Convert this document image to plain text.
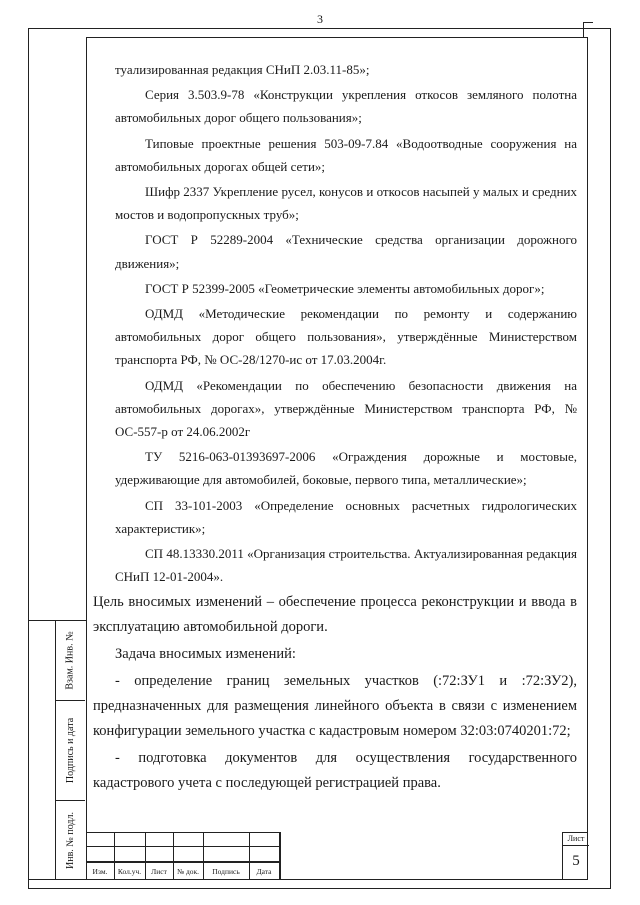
3
Взам. Инв. №
Подпись и дата
Инв. № подл.

туализированная редакция СНиП 2.03.11-85»;

Серия 3.503.9-78 «Конструкции укрепления откосов земляного полотна автомобильных дорог общего пользования»;

Типовые проектные решения 503-09-7.84 «Водоотводные сооружения на автомобильных дорогах общей сети»;

Шифр 2337 Укрепление русел, конусов и откосов насыпей у малых и средних мостов и водопропускных труб»;

ГОСТ Р 52289-2004 «Технические средства организации дорожного движения»;

ГОСТ Р 52399-2005 «Геометрические элементы автомобильных дорог»;

ОДМД «Методические рекомендации по ремонту и содержанию автомобильных дорог общего пользования», утверждённые Министерством транспорта РФ, № ОС-28/1270-ис от 17.03.2004г.

ОДМД «Рекомендации по обеспечению безопасности движения на автомобильных дорогах», утверждённые Министерством транспорта РФ, № ОС-557-р от 24.06.2002г

ТУ 5216-063-01393697-2006 «Ограждения дорожные и мостовые, удерживающие для автомобилей, боковые, первого типа, металлические»;

СП 33-101-2003 «Определение основных расчетных гидрологических характеристик»;

СП 48.13330.2011 «Организация строительства. Актуализированная редакция СНиП 12-01-2004».

Цель вносимых изменений – обеспечение процесса реконструкции и ввода в эксплуатацию автомобильной дороги.

Задача вносимых изменений:

- определение границ земельных участков (:72:ЗУ1 и :72:ЗУ2), предназначенных для размещения линейного объекта в связи с изменением конфигурации земельного участка с кадастровым номером 32:03:0740201:72;

- подготовка документов для осуществления государственного кадастрового учета с последующей регистрацией права.

Изм.	Кол.уч.	Лист	№ док.	Подпись	Дата
Лист
5
